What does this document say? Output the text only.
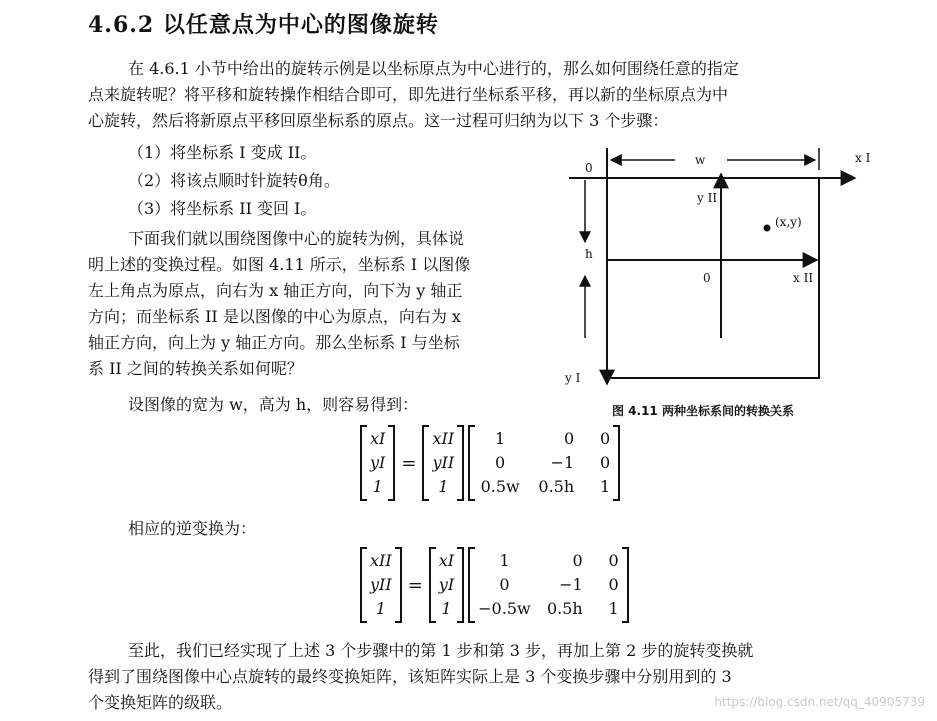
4.6.2 以任意点为中心的图像旋转
在 4.6.1 小节中给出的旋转示例是以坐标原点为中心进行的，那么如何围绕任意的指定
点来旋转呢？将平移和旋转操作相结合即可，即先进行坐标系平移，再以新的坐标原点为中
心旋转，然后将新原点平移回原坐标系的原点。这一过程可归纳为以下 3 个步骤：
（1）将坐标系 I 变成 II。
（2）将该点顺时针旋转θ角。
（3）将坐标系 II 变回 I。
下面我们就以围绕图像中心的旋转为例，具体说
明上述的变换过程。如图 4.11 所示，坐标系 I 以图像
左上角点为原点，向右为 x 轴正方向，向下为 y 轴正
方向；而坐标系 II 是以图像的中心为原点，向右为 x
轴正方向，向上为 y 轴正方向。那么坐标系 I 与坐标
系 II 之间的转换关系如何呢？
设图像的宽为 w，高为 h，则容易得到：
xI
yI
1
=
xII
yII
1
1
0
0.5w
0
−1
0.5h
0
0
1
相应的逆变换为：
xII
yII
1
=
xI
yI
1
1
0
−0.5w
0
−1
0.5h
0
0
1
至此，我们已经实现了上述 3 个步骤中的第 1 步和第 3 步，再加上第 2 步的旋转变换就
得到了围绕图像中心点旋转的最终变换矩阵，该矩阵实际上是 3 个变换步骤中分别用到的 3
个变换矩阵的级联。
0
w	x I
y II
(x,y)
h
0	x II
y I
图 4.11 两种坐标系间的转换关系
https://blog.csdn.net/qq_40905739
